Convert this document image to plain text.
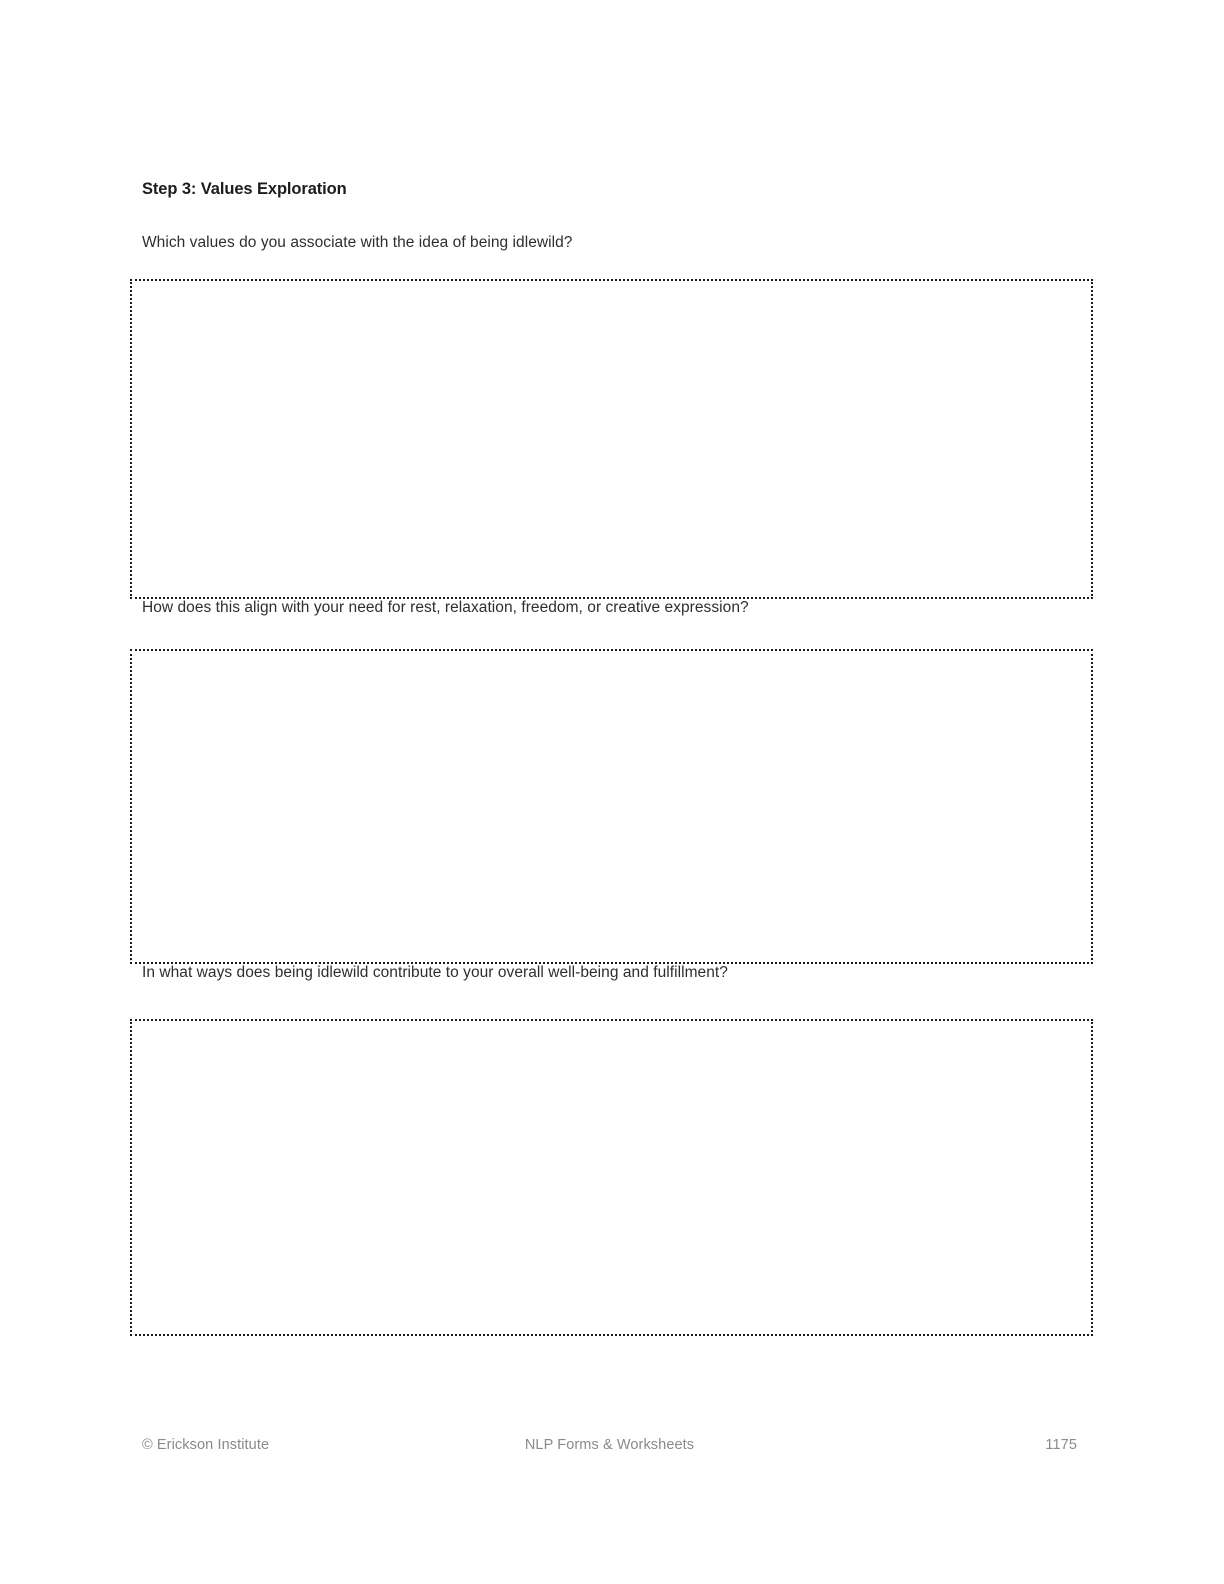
Step 3: Values Exploration
Which values do you associate with the idea of being idlewild?
How does this align with your need for rest, relaxation, freedom, or creative expression?
In what ways does being idlewild contribute to your overall well-being and fulfillment?
© Erickson Institute	NLP Forms & Worksheets	1175
